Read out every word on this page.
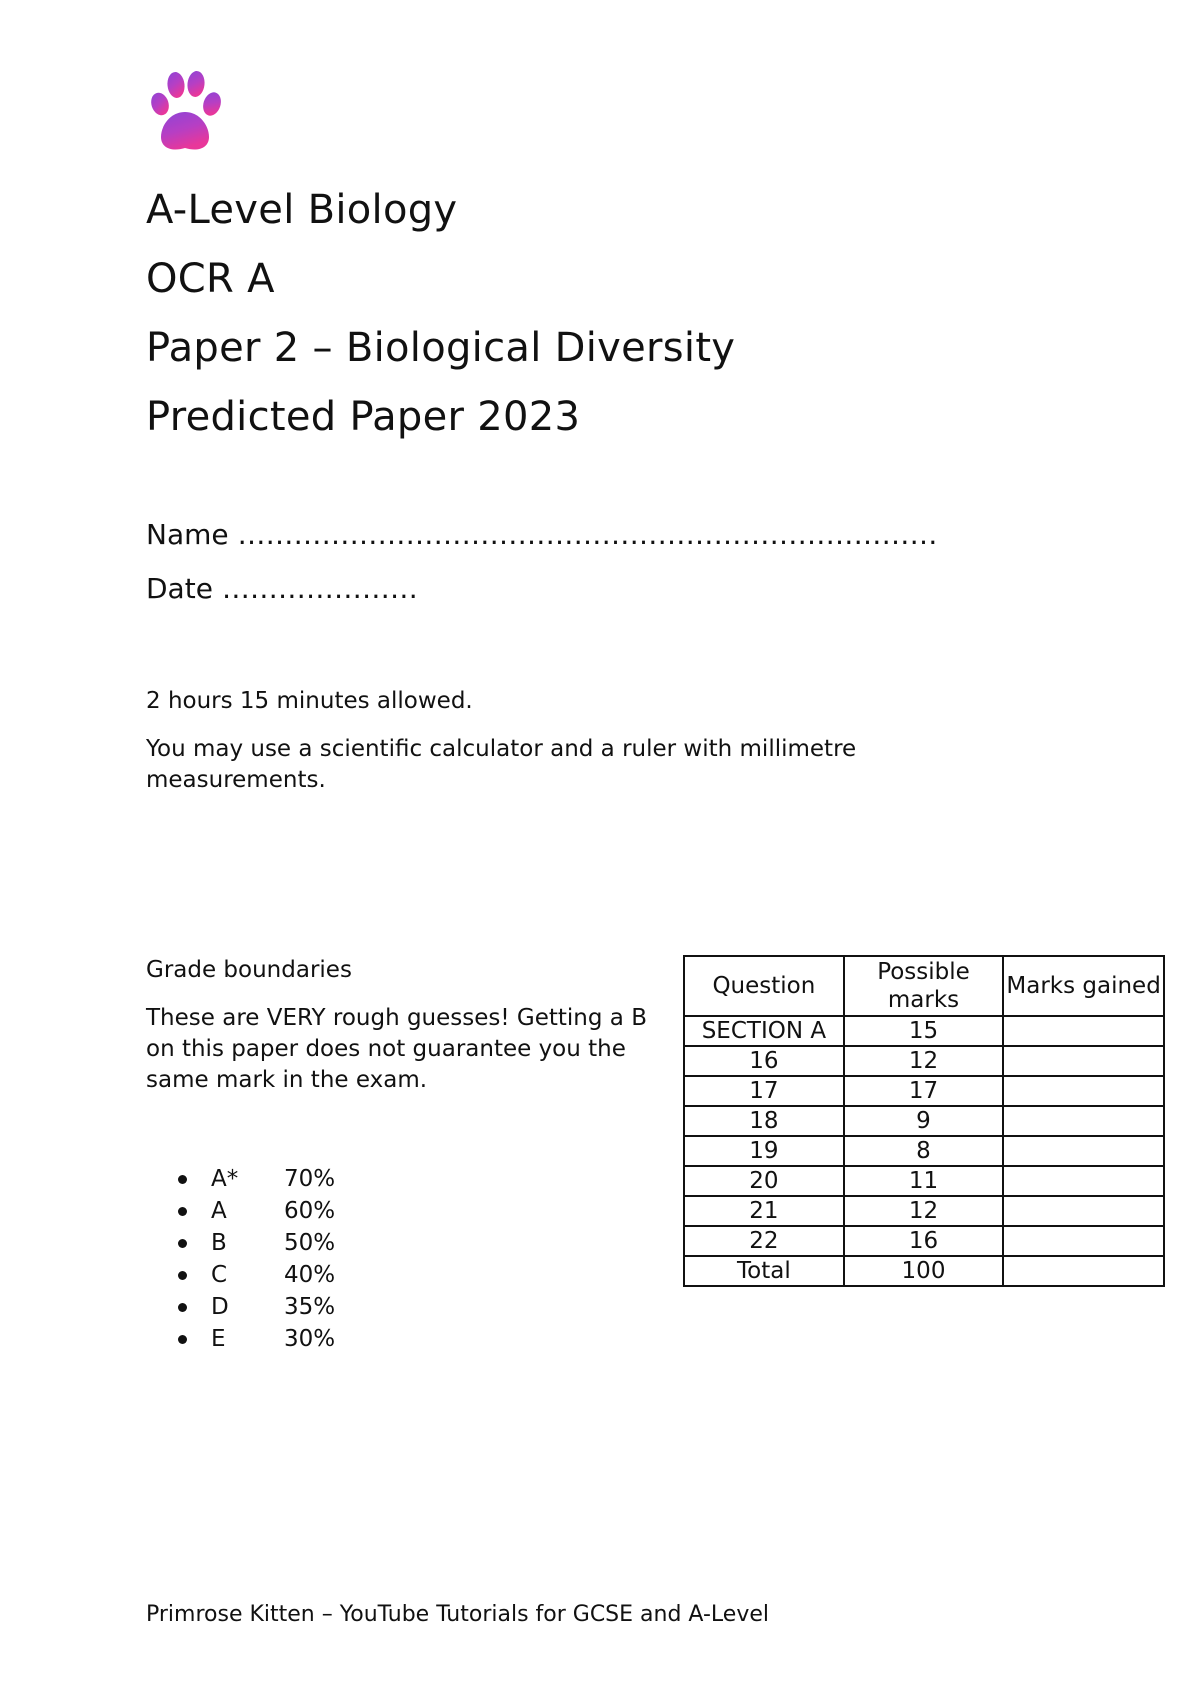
A-Level Biology
OCR A
Paper 2 – Biological Diversity
Predicted Paper 2023
Name …………………………………………………………………
Date …………………

2 hours 15 minutes allowed.

You may use a scientific calculator and a ruler with millimetre measurements.

Grade boundaries

These are VERY rough guesses! Getting a B on this paper does not guarantee you the same mark in the exam.

A*	70%
A	60%
B	50%
C	40%
D	35%
E	30%
Question	Possible marks	Marks gained
SECTION A	15	
16	12	
17	17	
18	9	
19	8	
20	11	
21	12	
22	16	
Total	100	
Primrose Kitten – YouTube Tutorials for GCSE and A-Level
